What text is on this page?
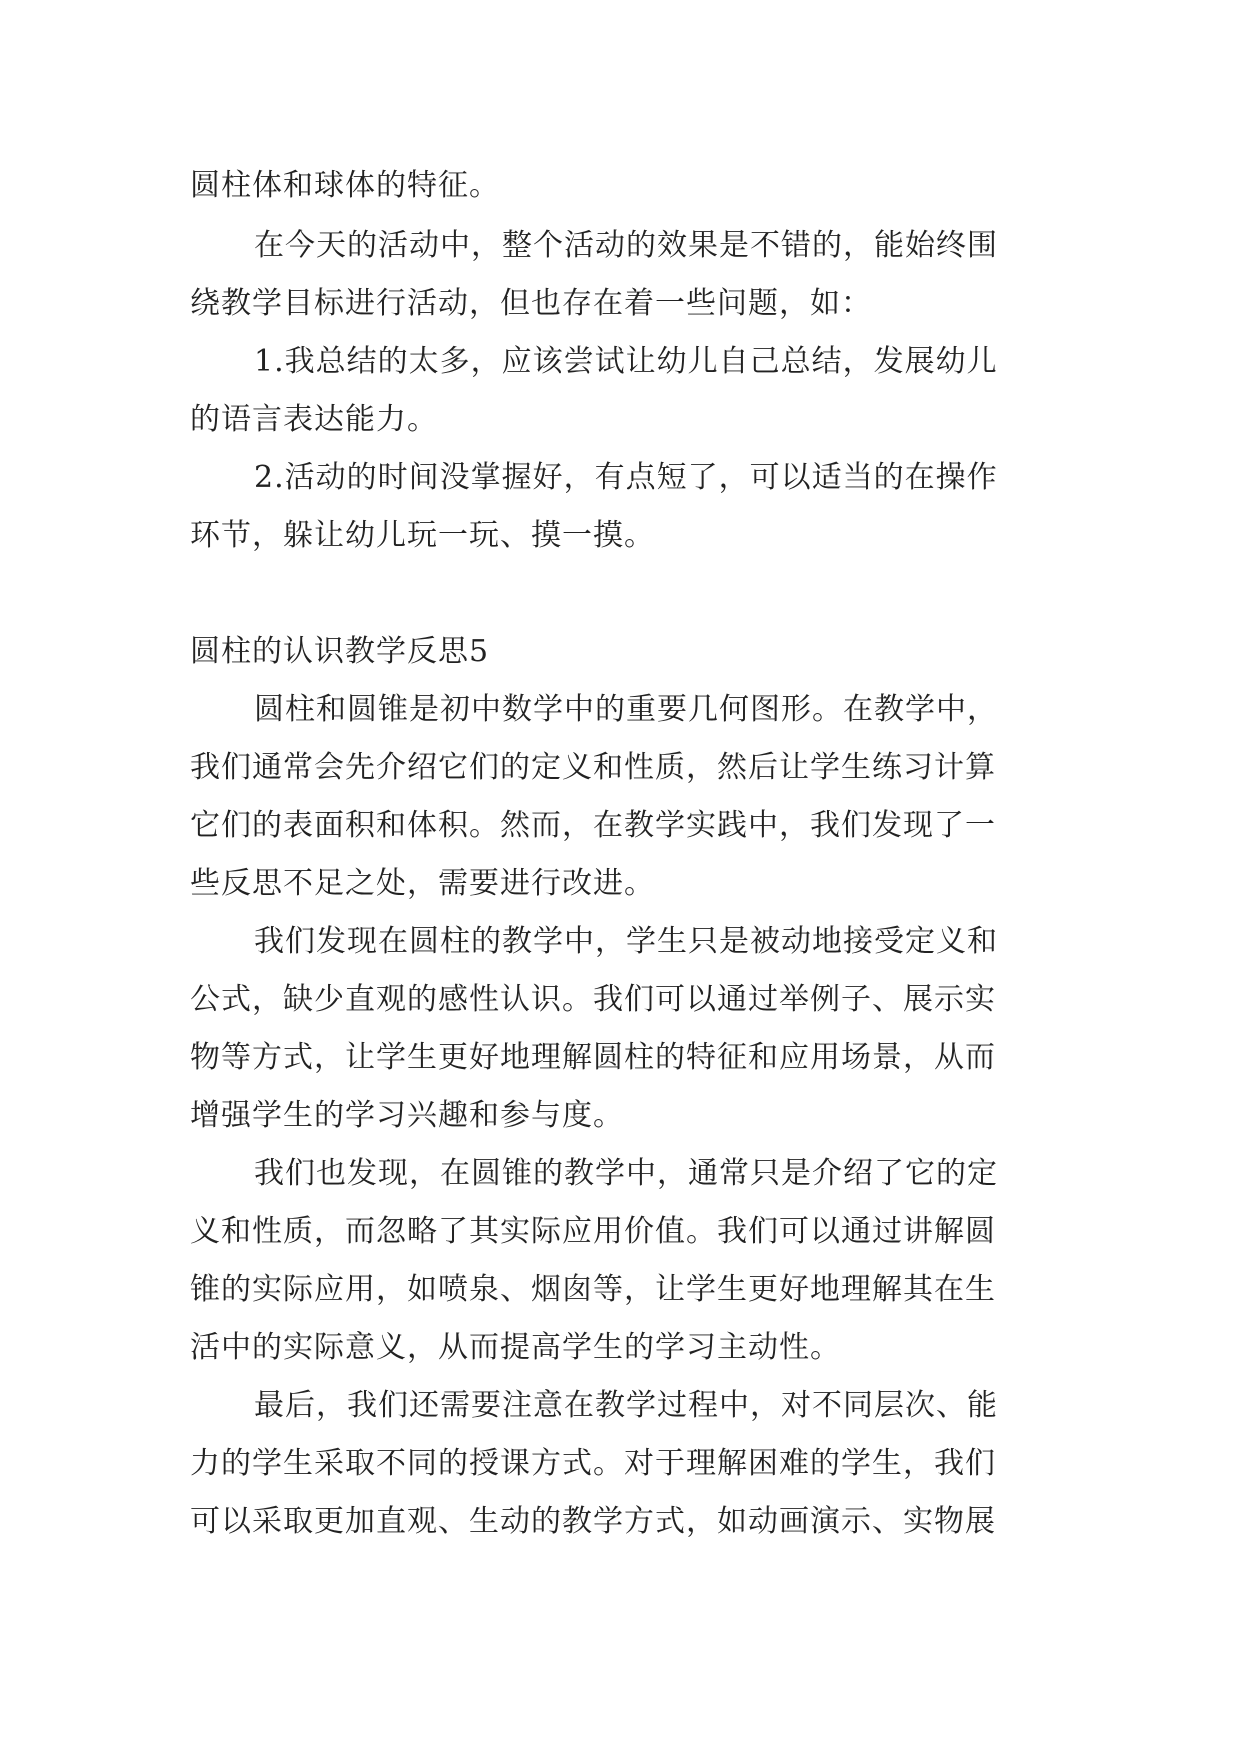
圆柱体和球体的特征。
在今天的活动中，整个活动的效果是不错的，能始终围
绕教学目标进行活动，但也存在着一些问题，如：
1.我总结的太多，应该尝试让幼儿自己总结，发展幼儿
的语言表达能力。
2.活动的时间没掌握好，有点短了，可以适当的在操作
环节，躲让幼儿玩一玩、摸一摸。
圆柱的认识教学反思5
圆柱和圆锥是初中数学中的重要几何图形。在教学中，
我们通常会先介绍它们的定义和性质，然后让学生练习计算
它们的表面积和体积。然而，在教学实践中，我们发现了一
些反思不足之处，需要进行改进。
我们发现在圆柱的教学中，学生只是被动地接受定义和
公式，缺少直观的感性认识。我们可以通过举例子、展示实
物等方式，让学生更好地理解圆柱的特征和应用场景，从而
增强学生的学习兴趣和参与度。
我们也发现，在圆锥的教学中，通常只是介绍了它的定
义和性质，而忽略了其实际应用价值。我们可以通过讲解圆
锥的实际应用，如喷泉、烟囱等，让学生更好地理解其在生
活中的实际意义，从而提高学生的学习主动性。
最后，我们还需要注意在教学过程中，对不同层次、能
力的学生采取不同的授课方式。对于理解困难的学生，我们
可以采取更加直观、生动的教学方式，如动画演示、实物展
